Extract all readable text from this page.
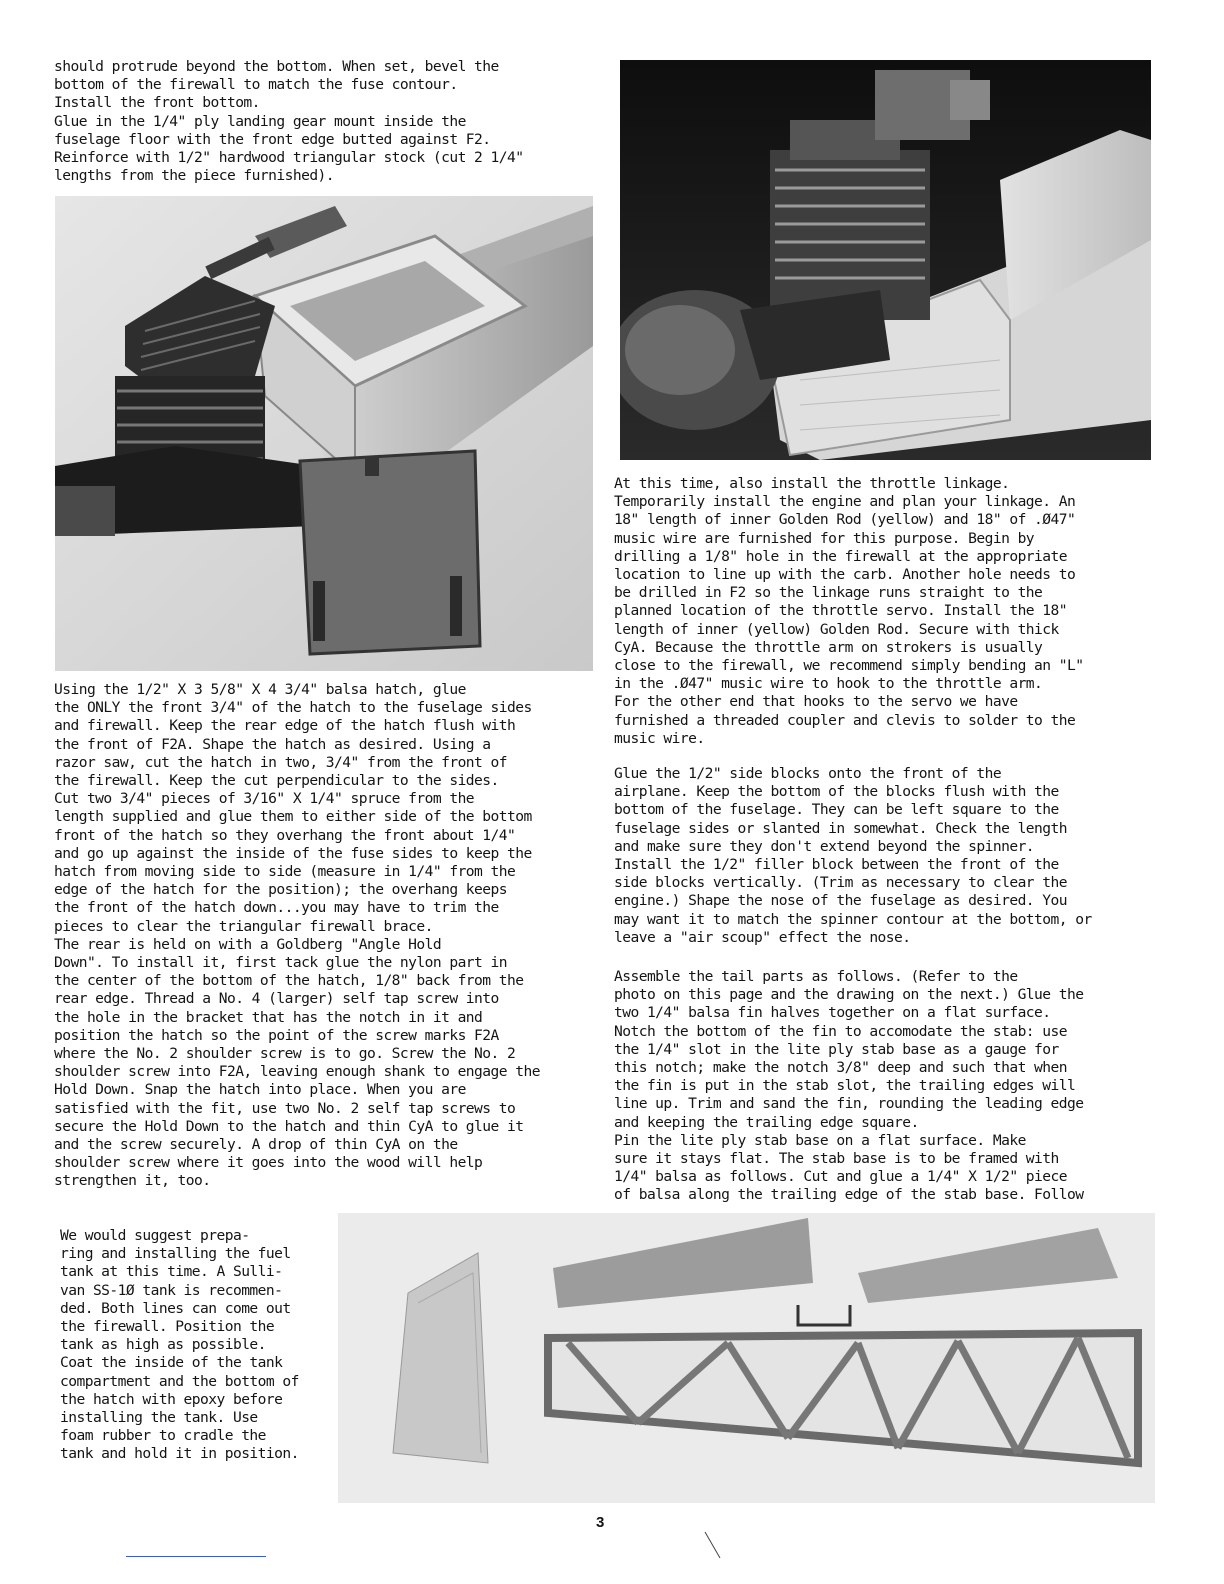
should protrude beyond the bottom. When set, bevel the
bottom of the firewall to match the fuse contour.
Install the front bottom.
Glue in the 1/4" ply landing gear mount inside the
fuselage floor with the front edge butted against F2.
Reinforce with 1/2" hardwood triangular stock (cut 2 1/4"
lengths from the piece furnished).

Using the 1/2" X 3 5/8" X 4 3/4" balsa hatch, glue
the ONLY the front 3/4" of the hatch to the fuselage sides
and firewall. Keep the rear edge of the hatch flush with
the front of F2A. Shape the hatch as desired. Using a
razor saw, cut the hatch in two, 3/4" from the front of
the firewall. Keep the cut perpendicular to the sides.
Cut two 3/4" pieces of 3/16" X 1/4" spruce from the
length supplied and glue them to either side of the bottom
front of the hatch so they overhang the front about 1/4"
and go up against the inside of the fuse sides to keep the
hatch from moving side to side (measure in 1/4" from the
edge of the hatch for the position); the overhang keeps
the front of the hatch down...you may have to trim the
pieces to clear the triangular firewall brace.
The rear is held on with a Goldberg "Angle Hold
Down". To install it, first tack glue the nylon part in
the center of the bottom of the hatch, 1/8" back from the
rear edge. Thread a No. 4 (larger) self tap screw into
the hole in the bracket that has the notch in it and
position the hatch so the point of the screw marks F2A
where the No. 2 shoulder screw is to go. Screw the No. 2
shoulder screw into F2A, leaving enough shank to engage the
Hold Down. Snap the hatch into place. When you are
satisfied with the fit, use two No. 2 self tap screws to
secure the Hold Down to the hatch and thin CyA to glue it
and the screw securely. A drop of thin CyA on the
shoulder screw where it goes into the wood will help
strengthen it, too.

We would suggest prepa-
ring and installing the fuel
tank at this time. A Sulli-
van SS-1Ø tank is recommen-
ded. Both lines can come out
the firewall. Position the
tank as high as possible.
Coat the inside of the tank
compartment and the bottom of
the hatch with epoxy before
installing the tank. Use
foam rubber to cradle the
tank and hold it in position.

At this time, also install the throttle linkage.
Temporarily install the engine and plan your linkage. An
18" length of inner Golden Rod (yellow) and 18" of .Ø47"
music wire are furnished for this purpose. Begin by
drilling a 1/8" hole in the firewall at the appropriate
location to line up with the carb. Another hole needs to
be drilled in F2 so the linkage runs straight to the
planned location of the throttle servo. Install the 18"
length of inner (yellow) Golden Rod. Secure with thick
CyA. Because the throttle arm on strokers is usually
close to the firewall, we recommend simply bending an "L"
in the .Ø47" music wire to hook to the throttle arm.
For the other end that hooks to the servo we have
furnished a threaded coupler and clevis to solder to the
music wire.

Glue the 1/2" side blocks onto the front of the
airplane. Keep the bottom of the blocks flush with the
bottom of the fuselage. They can be left square to the
fuselage sides or slanted in somewhat. Check the length
and make sure they don't extend beyond the spinner.
Install the 1/2" filler block between the front of the
side blocks vertically. (Trim as necessary to clear the
engine.) Shape the nose of the fuselage as desired. You
may want it to match the spinner contour at the bottom, or
leave a "air scoup" effect the nose.

Assemble the tail parts as follows. (Refer to the
photo on this page and the drawing on the next.) Glue the
two 1/4" balsa fin halves together on a flat surface.
Notch the bottom of the fin to accomodate the stab: use
the 1/4" slot in the lite ply stab base as a gauge for
this notch; make the notch 3/8" deep and such that when
the fin is put in the stab slot, the trailing edges will
line up. Trim and sand the fin, rounding the leading edge
and keeping the trailing edge square.
Pin the lite ply stab base on a flat surface. Make
sure it stays flat. The stab base is to be framed with
1/4" balsa as follows. Cut and glue a 1/4" X 1/2" piece
of balsa along the trailing edge of the stab base. Follow

3
